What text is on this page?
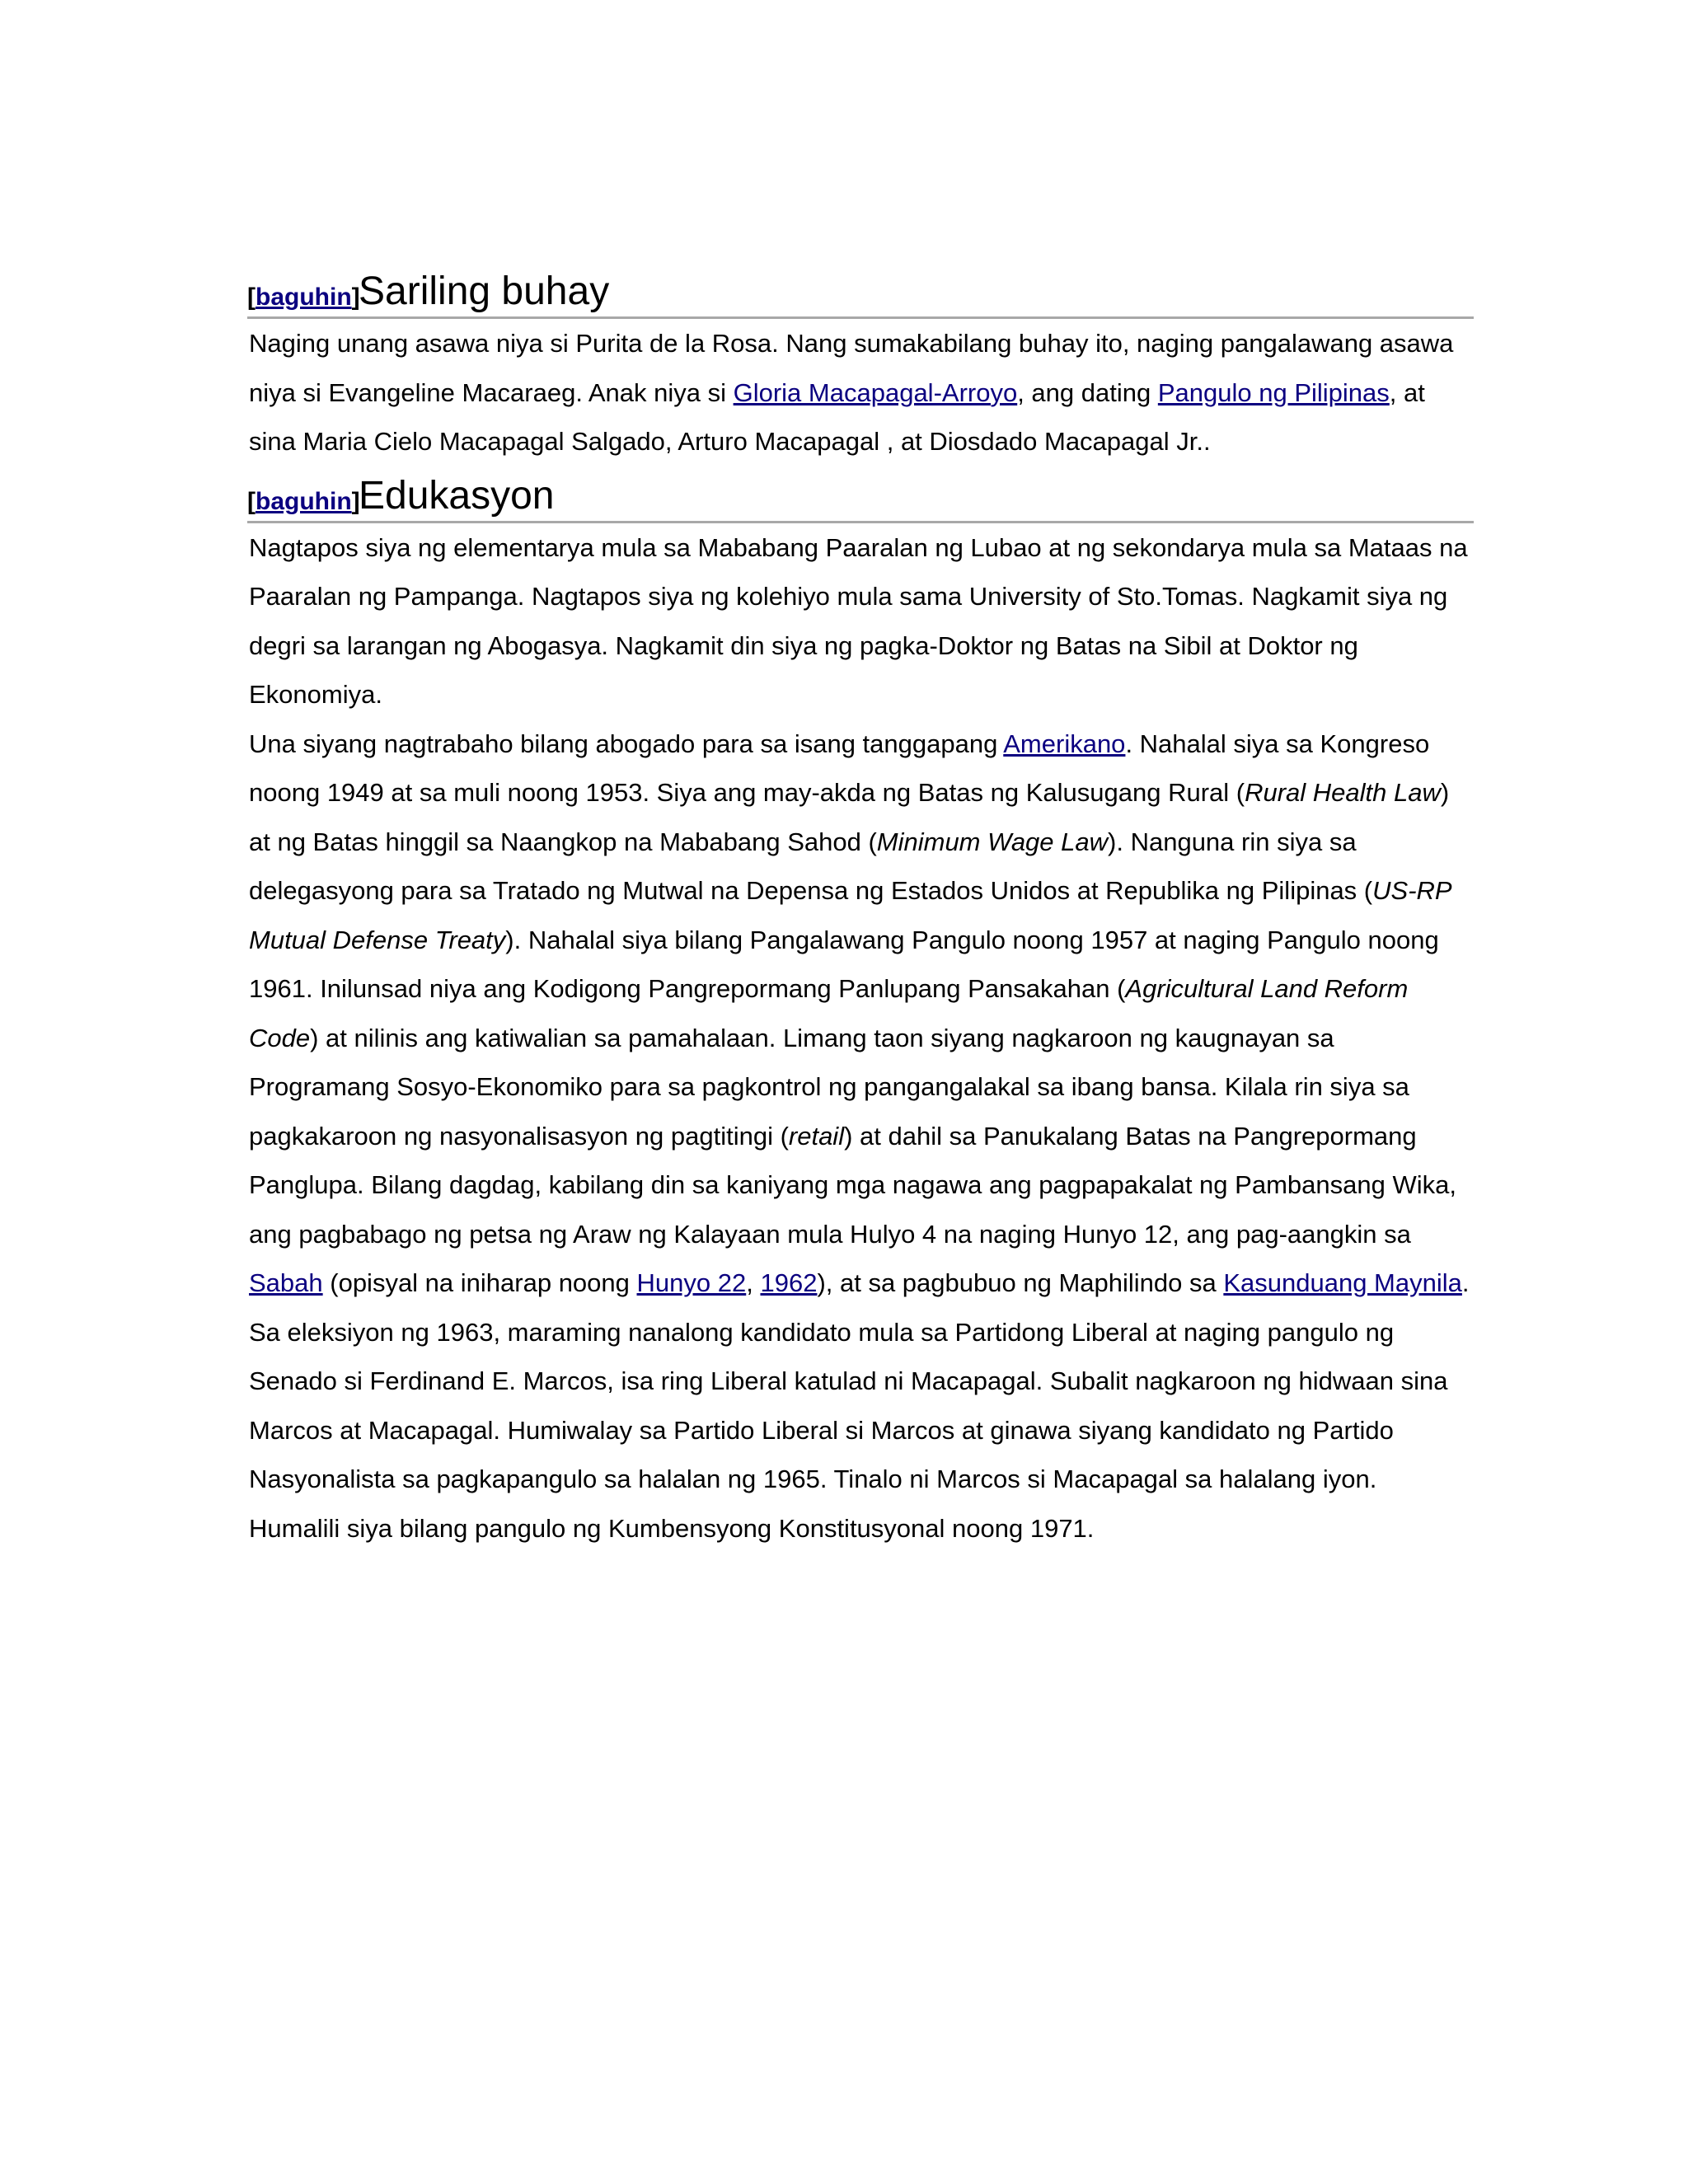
[baguhin]
Sariling buhay

Naging unang asawa niya si Purita de la Rosa. Nang sumakabilang buhay ito, naging pangalawang asawa niya si Evangeline Macaraeg. Anak niya si Gloria Macapagal-Arroyo, ang dating Pangulo ng Pilipinas, at sina Maria Cielo Macapagal Salgado, Arturo Macapagal , at Diosdado Macapagal Jr..

[baguhin]
Edukasyon

Nagtapos siya ng elementarya mula sa Mababang Paaralan ng Lubao at ng sekondarya mula sa Mataas na Paaralan ng Pampanga. Nagtapos siya ng kolehiyo mula sama University of Sto.Tomas. Nagkamit siya ng degri sa larangan ng Abogasya. Nagkamit din siya ng pagka-Doktor ng Batas na Sibil at Doktor ng Ekonomiya.

Una siyang nagtrabaho bilang abogado para sa isang tanggapang Amerikano. Nahalal siya sa Kongreso noong 1949 at sa muli noong 1953. Siya ang may-akda ng Batas ng Kalusugang Rural (Rural Health Law) at ng Batas hinggil sa Naangkop na Mababang Sahod (Minimum Wage Law). Nanguna rin siya sa delegasyong para sa Tratado ng Mutwal na Depensa ng Estados Unidos at Republika ng Pilipinas (US-RP Mutual Defense Treaty). Nahalal siya bilang Pangalawang Pangulo noong 1957 at naging Pangulo noong 1961. Inilunsad niya ang Kodigong Pangrepormang Panlupang Pansakahan (Agricultural Land Reform Code) at nilinis ang katiwalian sa pamahalaan. Limang taon siyang nagkaroon ng kaugnayan sa Programang Sosyo-Ekonomiko para sa pagkontrol ng pangangalakal sa ibang bansa. Kilala rin siya sa pagkakaroon ng nasyonalisasyon ng pagtitingi (retail) at dahil sa Panukalang Batas na Pangrepormang Panglupa. Bilang dagdag, kabilang din sa kaniyang mga nagawa ang pagpapakalat ng Pambansang Wika, ang pagbabago ng petsa ng Araw ng Kalayaan mula Hulyo 4 na naging Hunyo 12, ang pag-aangkin sa Sabah (opisyal na iniharap noong Hunyo 22, 1962), at sa pagbubuo ng Maphilindo sa Kasunduang Maynila.

Sa eleksiyon ng 1963, maraming nanalong kandidato mula sa Partidong Liberal at naging pangulo ng Senado si Ferdinand E. Marcos, isa ring Liberal katulad ni Macapagal. Subalit nagkaroon ng hidwaan sina Marcos at Macapagal. Humiwalay sa Partido Liberal si Marcos at ginawa siyang kandidato ng Partido Nasyonalista sa pagkapangulo sa halalan ng 1965. Tinalo ni Marcos si Macapagal sa halalang iyon.

Humalili siya bilang pangulo ng Kumbensyong Konstitusyonal noong 1971.
